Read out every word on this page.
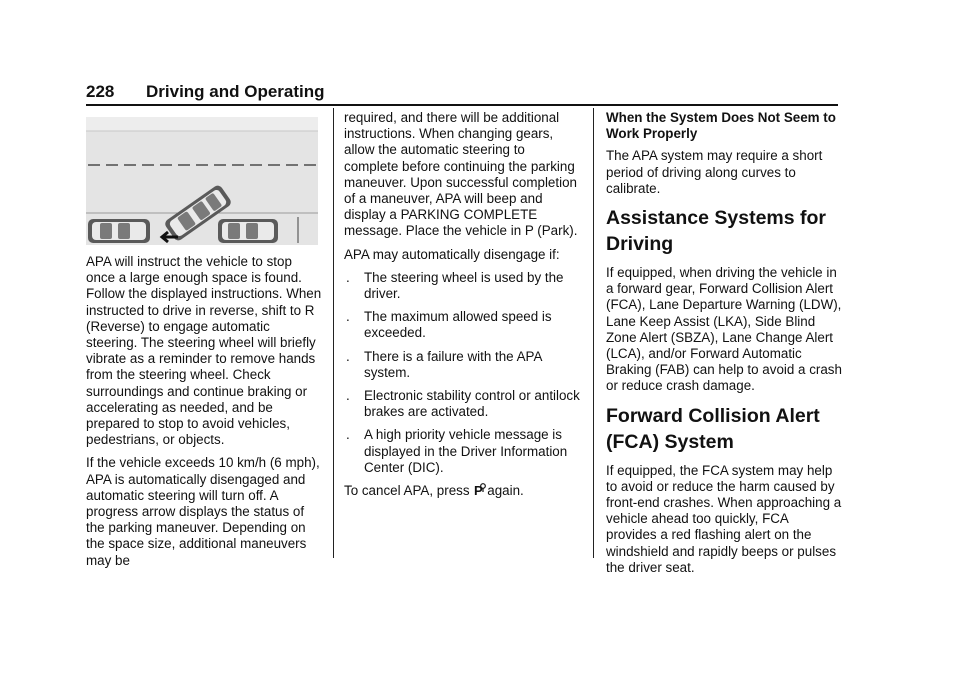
228 Driving and Operating

APA will instruct the vehicle to stop once a large enough space is found. Follow the displayed instructions. When instructed to drive in reverse, shift to R (Reverse) to engage automatic steering. The steering wheel will briefly vibrate as a reminder to remove hands from the steering wheel. Check surroundings and continue braking or accelerating as needed, and be prepared to stop to avoid vehicles, pedestrians, or objects.

If the vehicle exceeds 10 km/h (6 mph), APA is automatically disengaged and automatic steering will turn off. A progress arrow displays the status of the parking maneuver. Depending on the space size, additional maneuvers may be

required, and there will be additional instructions. When changing gears, allow the automatic steering to complete before continuing the parking maneuver. Upon successful completion of a maneuver, APA will beep and display a PARKING COMPLETE message. Place the vehicle in P (Park).

APA may automatically disengage if:

. The steering wheel is used by the driver.
. The maximum allowed speed is exceeded.
. There is a failure with the APA system.
. Electronic stability control or antilock brakes are activated.
. A high priority vehicle message is displayed in the Driver Information Center (DIC).

To cancel APA, press P again.

When the System Does Not Seem to Work Properly

The APA system may require a short period of driving along curves to calibrate.

Assistance Systems for Driving

If equipped, when driving the vehicle in a forward gear, Forward Collision Alert (FCA), Lane Departure Warning (LDW), Lane Keep Assist (LKA), Side Blind Zone Alert (SBZA), Lane Change Alert (LCA), and/or Forward Automatic Braking (FAB) can help to avoid a crash or reduce crash damage.

Forward Collision Alert (FCA) System

If equipped, the FCA system may help to avoid or reduce the harm caused by front-end crashes. When approaching a vehicle ahead too quickly, FCA provides a red flashing alert on the windshield and rapidly beeps or pulses the driver seat.
